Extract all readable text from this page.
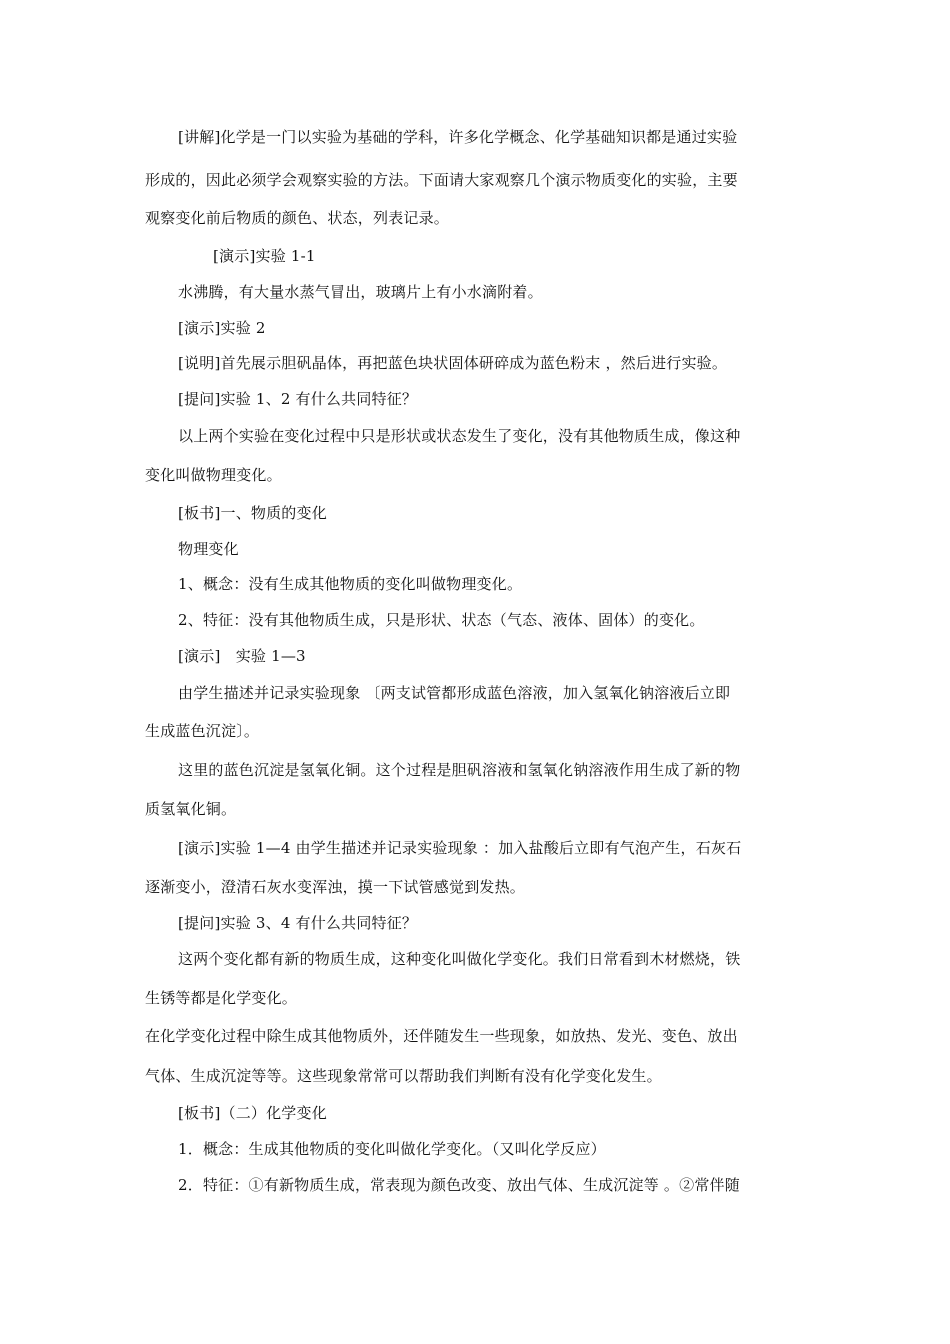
[讲解]化学是一门以实验为基础的学科，许多化学概念、化学基础知识都是通过实验
形成的，因此必须学会观察实验的方法。下面请大家观察几个演示物质变化的实验，主要
观察变化前后物质的颜色、状态，列表记录。
[演示]实验 1-1
水沸腾，有大量水蒸气冒出，玻璃片上有小水滴附着。
[演示]实验 2
[说明]首先展示胆矾晶体，再把蓝色块状固体研碎成为蓝色粉末 ，然后进行实验。
[提问]实验 1、2 有什么共同特征？
以上两个实验在变化过程中只是形状或状态发生了变化，没有其他物质生成，像这种
变化叫做物理变化。
[板书]一、物质的变化
物理变化
1、概念：没有生成其他物质的变化叫做物理变化。
2、特征：没有其他物质生成，只是形状、状态（气态、液体、固体）的变化。
[演示]　实验 1—3
由学生描述并记录实验现象 〔两支试管都形成蓝色溶液，加入氢氧化钠溶液后立即
生成蓝色沉淀〕。
这里的蓝色沉淀是氢氧化铜。这个过程是胆矾溶液和氢氧化钠溶液作用生成了新的物
质氢氧化铜。
[演示]实验 1—4 由学生描述并记录实验现象 ：加入盐酸后立即有气泡产生，石灰石
逐渐变小，澄清石灰水变浑浊，摸一下试管感觉到发热。
[提问]实验 3、4 有什么共同特征？
这两个变化都有新的物质生成，这种变化叫做化学变化。我们日常看到木材燃烧，铁
生锈等都是化学变化。
在化学变化过程中除生成其他物质外，还伴随发生一些现象，如放热、发光、变色、放出
气体、生成沉淀等等。这些现象常常可以帮助我们判断有没有化学变化发生。
[板书]（二）化学变化
1．概念：生成其他物质的变化叫做化学变化。（又叫化学反应）
2．特征：①有新物质生成，常表现为颜色改变、放出气体、生成沉淀等 。②常伴随
